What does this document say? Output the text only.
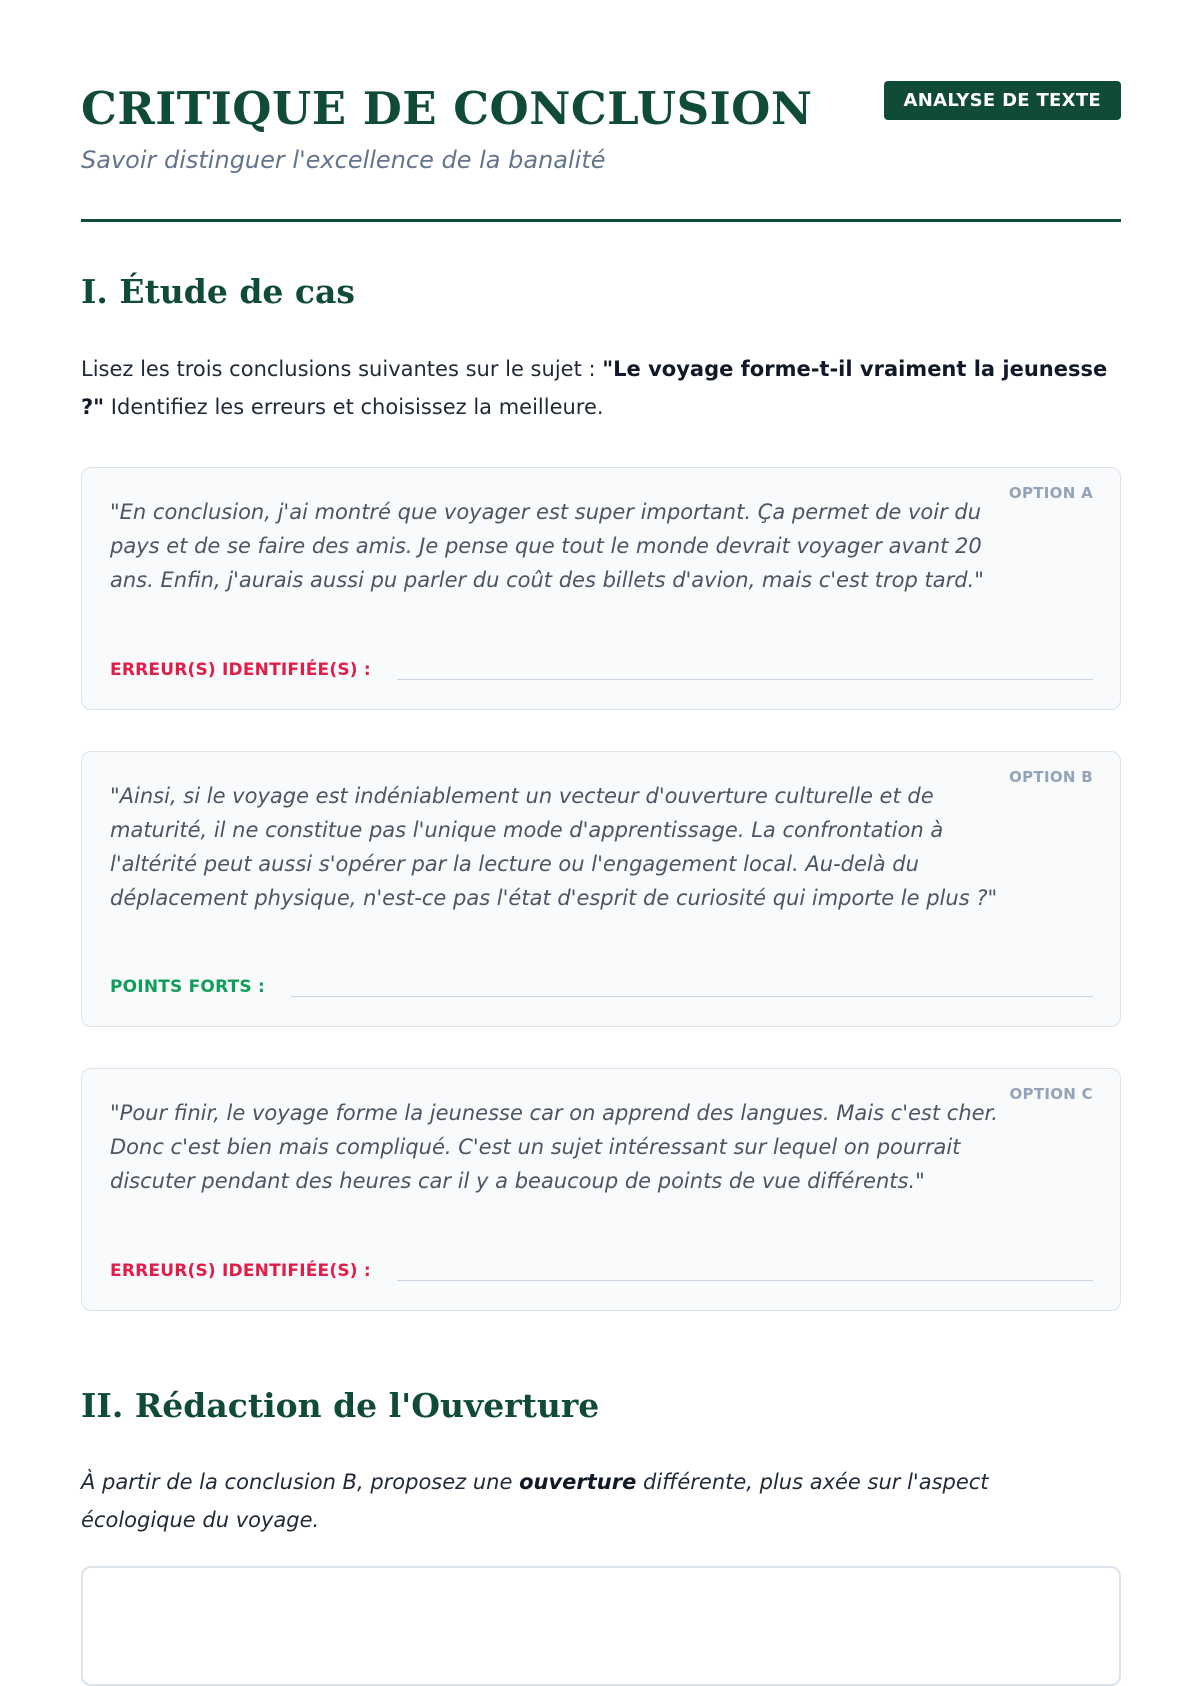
CRITIQUE DE CONCLUSION

Savoir distinguer l'excellence de la banalité

ANALYSE DE TEXTE
I. Étude de cas

Lisez les trois conclusions suivantes sur le sujet : "Le voyage forme-t-il vraiment la jeunesse ?" Identifiez les erreurs et choisissez la meilleure.

OPTION A

"En conclusion, j'ai montré que voyager est super important. Ça permet de voir du pays et de se faire des amis. Je pense que tout le monde devrait voyager avant 20 ans. Enfin, j'aurais aussi pu parler du coût des billets d'avion, mais c'est trop tard."

ERREUR(S) IDENTIFIÉE(S) :
OPTION B

"Ainsi, si le voyage est indéniablement un vecteur d'ouverture culturelle et de maturité, il ne constitue pas l'unique mode d'apprentissage. La confrontation à l'altérité peut aussi s'opérer par la lecture ou l'engagement local. Au-delà du déplacement physique, n'est-ce pas l'état d'esprit de curiosité qui importe le plus ?"

POINTS FORTS :
OPTION C

"Pour finir, le voyage forme la jeunesse car on apprend des langues. Mais c'est cher. Donc c'est bien mais compliqué. C'est un sujet intéressant sur lequel on pourrait discuter pendant des heures car il y a beaucoup de points de vue différents."

ERREUR(S) IDENTIFIÉE(S) :
II. Rédaction de l'Ouverture

À partir de la conclusion B, proposez une ouverture différente, plus axée sur l'aspect écologique du voyage.
